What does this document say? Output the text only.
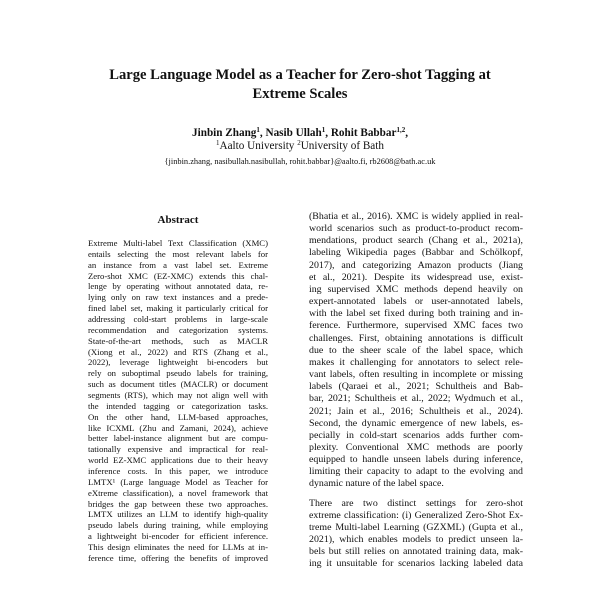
Large Language Model as a Teacher for Zero-shot Tagging at
Extreme Scales
Jinbin Zhang$^1$, Nasib Ullah$^1$, Rohit Babbar$^{1,2}$,
$^1$Aalto University $^2$University of Bath
{jinbin.zhang, nasibullah.nasibullah, rohit.babbar}@aalto.fi, rb2608@bath.ac.uk
Abstract
Extreme Multi-label Text Classification (XMC)
entails selecting the most relevant labels for
an instance from a vast label set. Extreme
Zero-shot XMC (EZ-XMC) extends this chal-
lenge by operating without annotated data, re-
lying only on raw text instances and a prede-
fined label set, making it particularly critical for
addressing cold-start problems in large-scale
recommendation and categorization systems.
State-of-the-art methods, such as MACLR
(Xiong et al., 2022) and RTS (Zhang et al.,
2022), leverage lightweight bi-encoders but
rely on suboptimal pseudo labels for training,
such as document titles (MACLR) or document
segments (RTS), which may not align well with
the intended tagging or categorization tasks.
On the other hand, LLM-based approaches,
like ICXML (Zhu and Zamani, 2024), achieve
better label-instance alignment but are compu-
tationally expensive and impractical for real-
world EZ-XMC applications due to their heavy
inference costs. In this paper, we introduce
LMTX¹ (Large language Model as Teacher for
eXtreme classification), a novel framework that
bridges the gap between these two approaches.
LMTX utilizes an LLM to identify high-quality
pseudo labels during training, while employing
a lightweight bi-encoder for efficient inference.
This design eliminates the need for LLMs at in-
ference time, offering the benefits of improved
(Bhatia et al., 2016). XMC is widely applied in real-
world scenarios such as product-to-product recom-
mendations, product search (Chang et al., 2021a),
labeling Wikipedia pages (Babbar and Schölkopf,
2017), and categorizing Amazon products (Jiang
et al., 2021). Despite its widespread use, exist-
ing supervised XMC methods depend heavily on
expert-annotated labels or user-annotated labels,
with the label set fixed during both training and in-
ference. Furthermore, supervised XMC faces two
challenges. First, obtaining annotations is difficult
due to the sheer scale of the label space, which
makes it challenging for annotators to select rele-
vant labels, often resulting in incomplete or missing
labels (Qaraei et al., 2021; Schultheis and Bab-
bar, 2021; Schultheis et al., 2022; Wydmuch et al.,
2021; Jain et al., 2016; Schultheis et al., 2024).
Second, the dynamic emergence of new labels, es-
pecially in cold-start scenarios adds further com-
plexity. Conventional XMC methods are poorly
equipped to handle unseen labels during inference,
limiting their capacity to adapt to the evolving and
dynamic nature of the label space.
There are two distinct settings for zero-shot
extreme classification: (i) Generalized Zero-Shot Ex-
treme Multi-label Learning (GZXML) (Gupta et al.,
2021), which enables models to predict unseen la-
bels but still relies on annotated training data, mak-
ing it unsuitable for scenarios lacking labeled data
